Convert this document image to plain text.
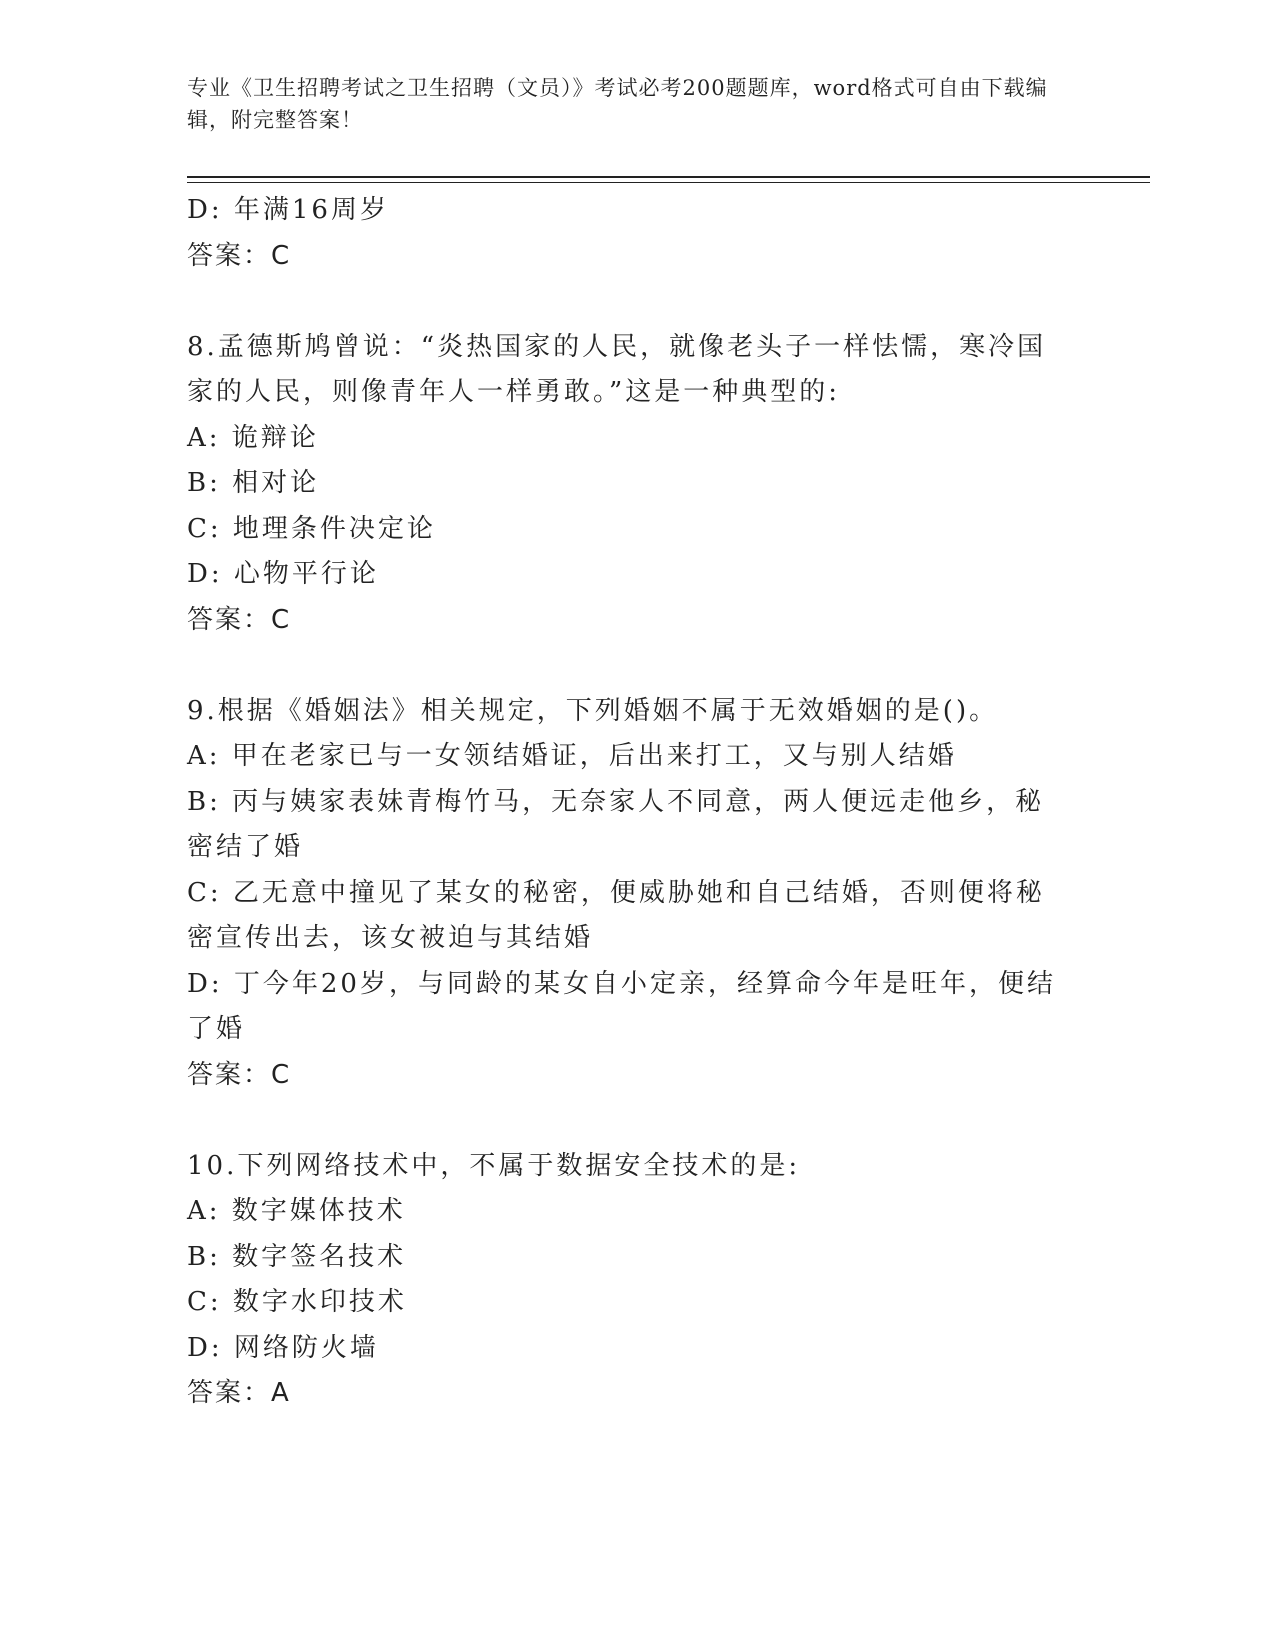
专业《卫生招聘考试之卫生招聘（文员）》考试必考200题题库，word格式可自由下载编辑，附完整答案！

D: 年满16周岁

答案：C

8.孟德斯鸠曾说：“炎热国家的人民，就像老头子一样怯懦，寒冷国家的人民，则像青年人一样勇敢。”这是一种典型的:

A: 诡辩论

B: 相对论

C: 地理条件决定论

D: 心物平行论

答案：C

9.根据《婚姻法》相关规定，下列婚姻不属于无效婚姻的是()。

A: 甲在老家已与一女领结婚证，后出来打工，又与别人结婚

B: 丙与姨家表妹青梅竹马，无奈家人不同意，两人便远走他乡，秘密结了婚

C: 乙无意中撞见了某女的秘密，便威胁她和自己结婚，否则便将秘密宣传出去，该女被迫与其结婚

D: 丁今年20岁，与同龄的某女自小定亲，经算命今年是旺年，便结了婚

答案：C

10.下列网络技术中，不属于数据安全技术的是:

A: 数字媒体技术

B: 数字签名技术

C: 数字水印技术

D: 网络防火墙

答案：A
